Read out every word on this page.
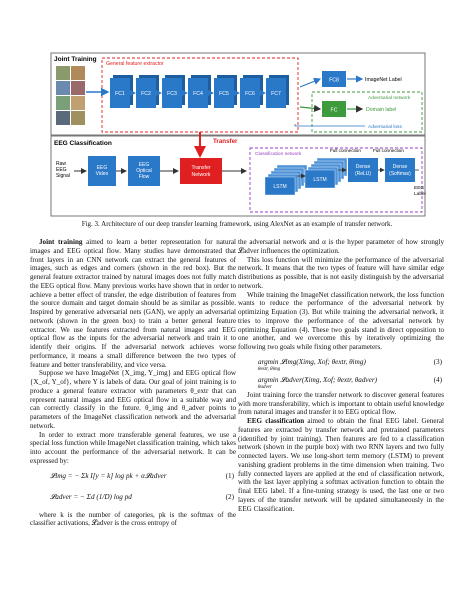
Joint Training
EEG Classification
General feature extractor
FC1	FC2	FC3	FC4	FC5	FC6	FC7
FC8	ImageNet Label
Adversarial network
FC	Domain label
Adversarial loss
Transfer
Raw
EEG
Signal
EEG
Video
EEG
Optical
Flow
Transfer
Network
Classification network
LSTM
LSTM
Full connection	Full connection
Dense
(ReLU)
Dense
(Softmax)
EEG
Label
Fig. 3. Architecture of our deep transfer learning framework, using AlexNet as an example of transfer network.

Joint training aimed to learn a better representation for natural images and EEG optical flow. Many studies have demonstrated that front layers in an CNN network can extract the general features of images, such as edges and corners (shown in the red box). But the general feature extractor trained by natural images does not fully match the EEG optical flow. Many previous works have shown that in order to achieve a better effect of transfer, the edge distribution of features from the source domain and target domain should be as similar as possible. Inspired by generative adversarial nets (GAN), we apply an adversarial network (shown in the green box) to train a better general feature extractor. We use features extracted from natural images and EEG optical flow as the inputs for the adversarial network and train it to identify their origins. If the adversarial network achieves worse performance, it means a small difference between the two types of feature and better transferability, and vice versa.

Suppose we have ImageNet {X_img, Y_img} and EEG optical flow {X_of, Y_of}, where Y is labels of data. Our goal of joint training is to produce a general feature extractor with parameters θ_extr that can represent natural images and EEG optical flow in a suitable way and can correctly classify in the future. θ_img and θ_adver points to parameters of the ImageNet classification network and the adversarial network.

In order to extract more transferable general features, we use a special loss function while ImageNet classification training, which takes into account the performance of the adversarial network. It can be expressed by:

𝓛img = − Σk I[y = k] log pk + α𝓛adver	(1)
𝓛adver = − Σd (1/D) log pd	(2)

where k is the number of categories, pk is the softmax of the classifier activations, 𝓛adver is the cross entropy of

the adversarial network and α is the hyper parameter of how strongly 𝓛adver influences the optimization.

This loss function will minimize the performance of the adversarial network. It means that the two types of feature will have similar edge distributions as possible, that is not easily distinguish by the adversarial network.

While training the ImageNet classification network, the loss function wants to reduce the performance of the adversarial network by optimizing Equation (3). But while training the adversarial network, it tries to improve the performance of the adversarial network by optimizing Equation (4). These two goals stand in direct opposition to one another, and we overcome this by iteratively optimizing the following two goals while fixing other parameters.

argmin 𝓛img(Ximg, Xof; θextr, θimg)
θextr, θimg
(3)
argmin 𝓛adver(Ximg, Xof; θextr, θadver)
θadver
(4)

Joint training force the transfer network to discover general features with more transferability, which is important to obtain useful knowledge from natural images and transfer it to EEG optical flow.

EEG classification aimed to obtain the final EEG label. General features are extracted by transfer network and pretrained parameters (identified by joint training). Then features are fed to a classification network (shown in the purple box) with two RNN layers and two fully connected layers. We use long-short term memory (LSTM) to prevent vanishing gradient problems in the time dimension when training. Two fully connected layers are applied at the end of classification network, with the last layer applying a softmax activation function to obtain the final EEG label. If a fine-tuning strategy is used, the last one or two layers of the transfer network will be updated simultaneously in the EEG Classification.
